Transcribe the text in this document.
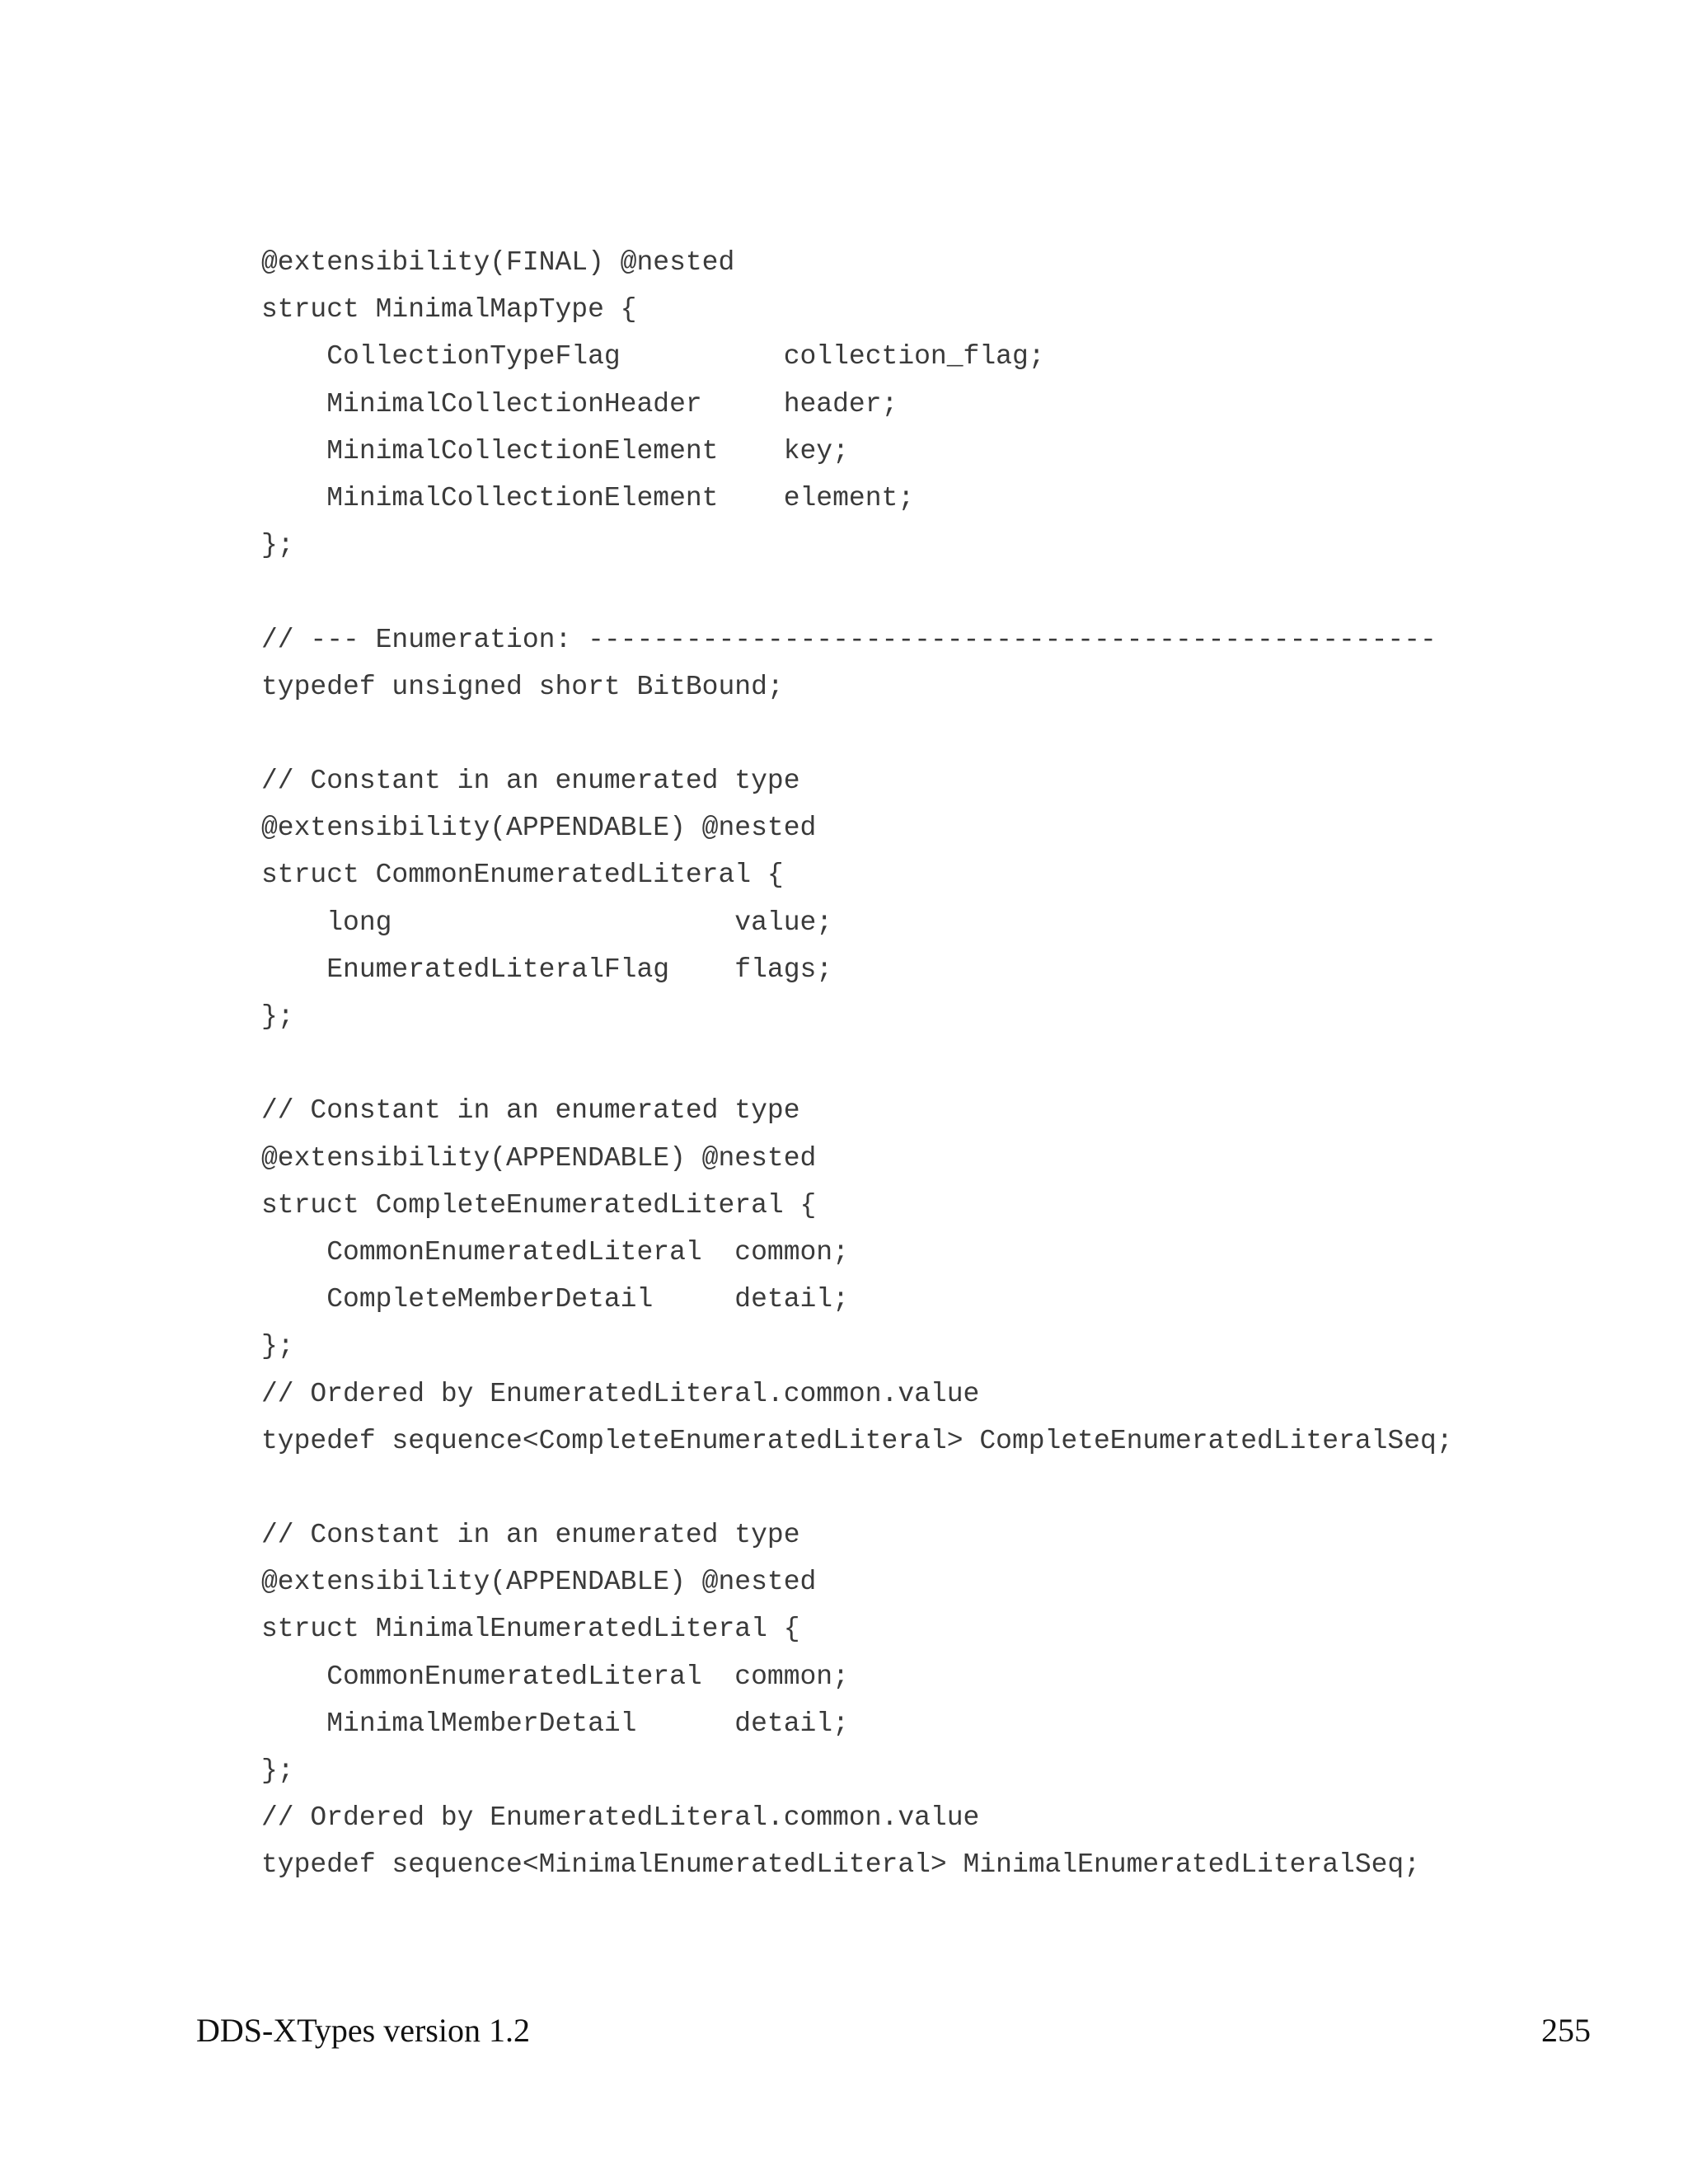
@extensibility(FINAL) @nested
struct MinimalMapType {
CollectionTypeFlag          collection_flag;
MinimalCollectionHeader     header;
MinimalCollectionElement    key;
MinimalCollectionElement    element;
};
// --- Enumeration: ----------------------------------------------------
typedef unsigned short BitBound;
// Constant in an enumerated type
@extensibility(APPENDABLE) @nested
struct CommonEnumeratedLiteral {
long                     value;
EnumeratedLiteralFlag    flags;
};
// Constant in an enumerated type
@extensibility(APPENDABLE) @nested
struct CompleteEnumeratedLiteral {
CommonEnumeratedLiteral  common;
CompleteMemberDetail     detail;
};
// Ordered by EnumeratedLiteral.common.value
typedef sequence<CompleteEnumeratedLiteral> CompleteEnumeratedLiteralSeq;
// Constant in an enumerated type
@extensibility(APPENDABLE) @nested
struct MinimalEnumeratedLiteral {
CommonEnumeratedLiteral  common;
MinimalMemberDetail      detail;
};
// Ordered by EnumeratedLiteral.common.value
typedef sequence<MinimalEnumeratedLiteral> MinimalEnumeratedLiteralSeq;
DDS-XTypes version 1.2	255
